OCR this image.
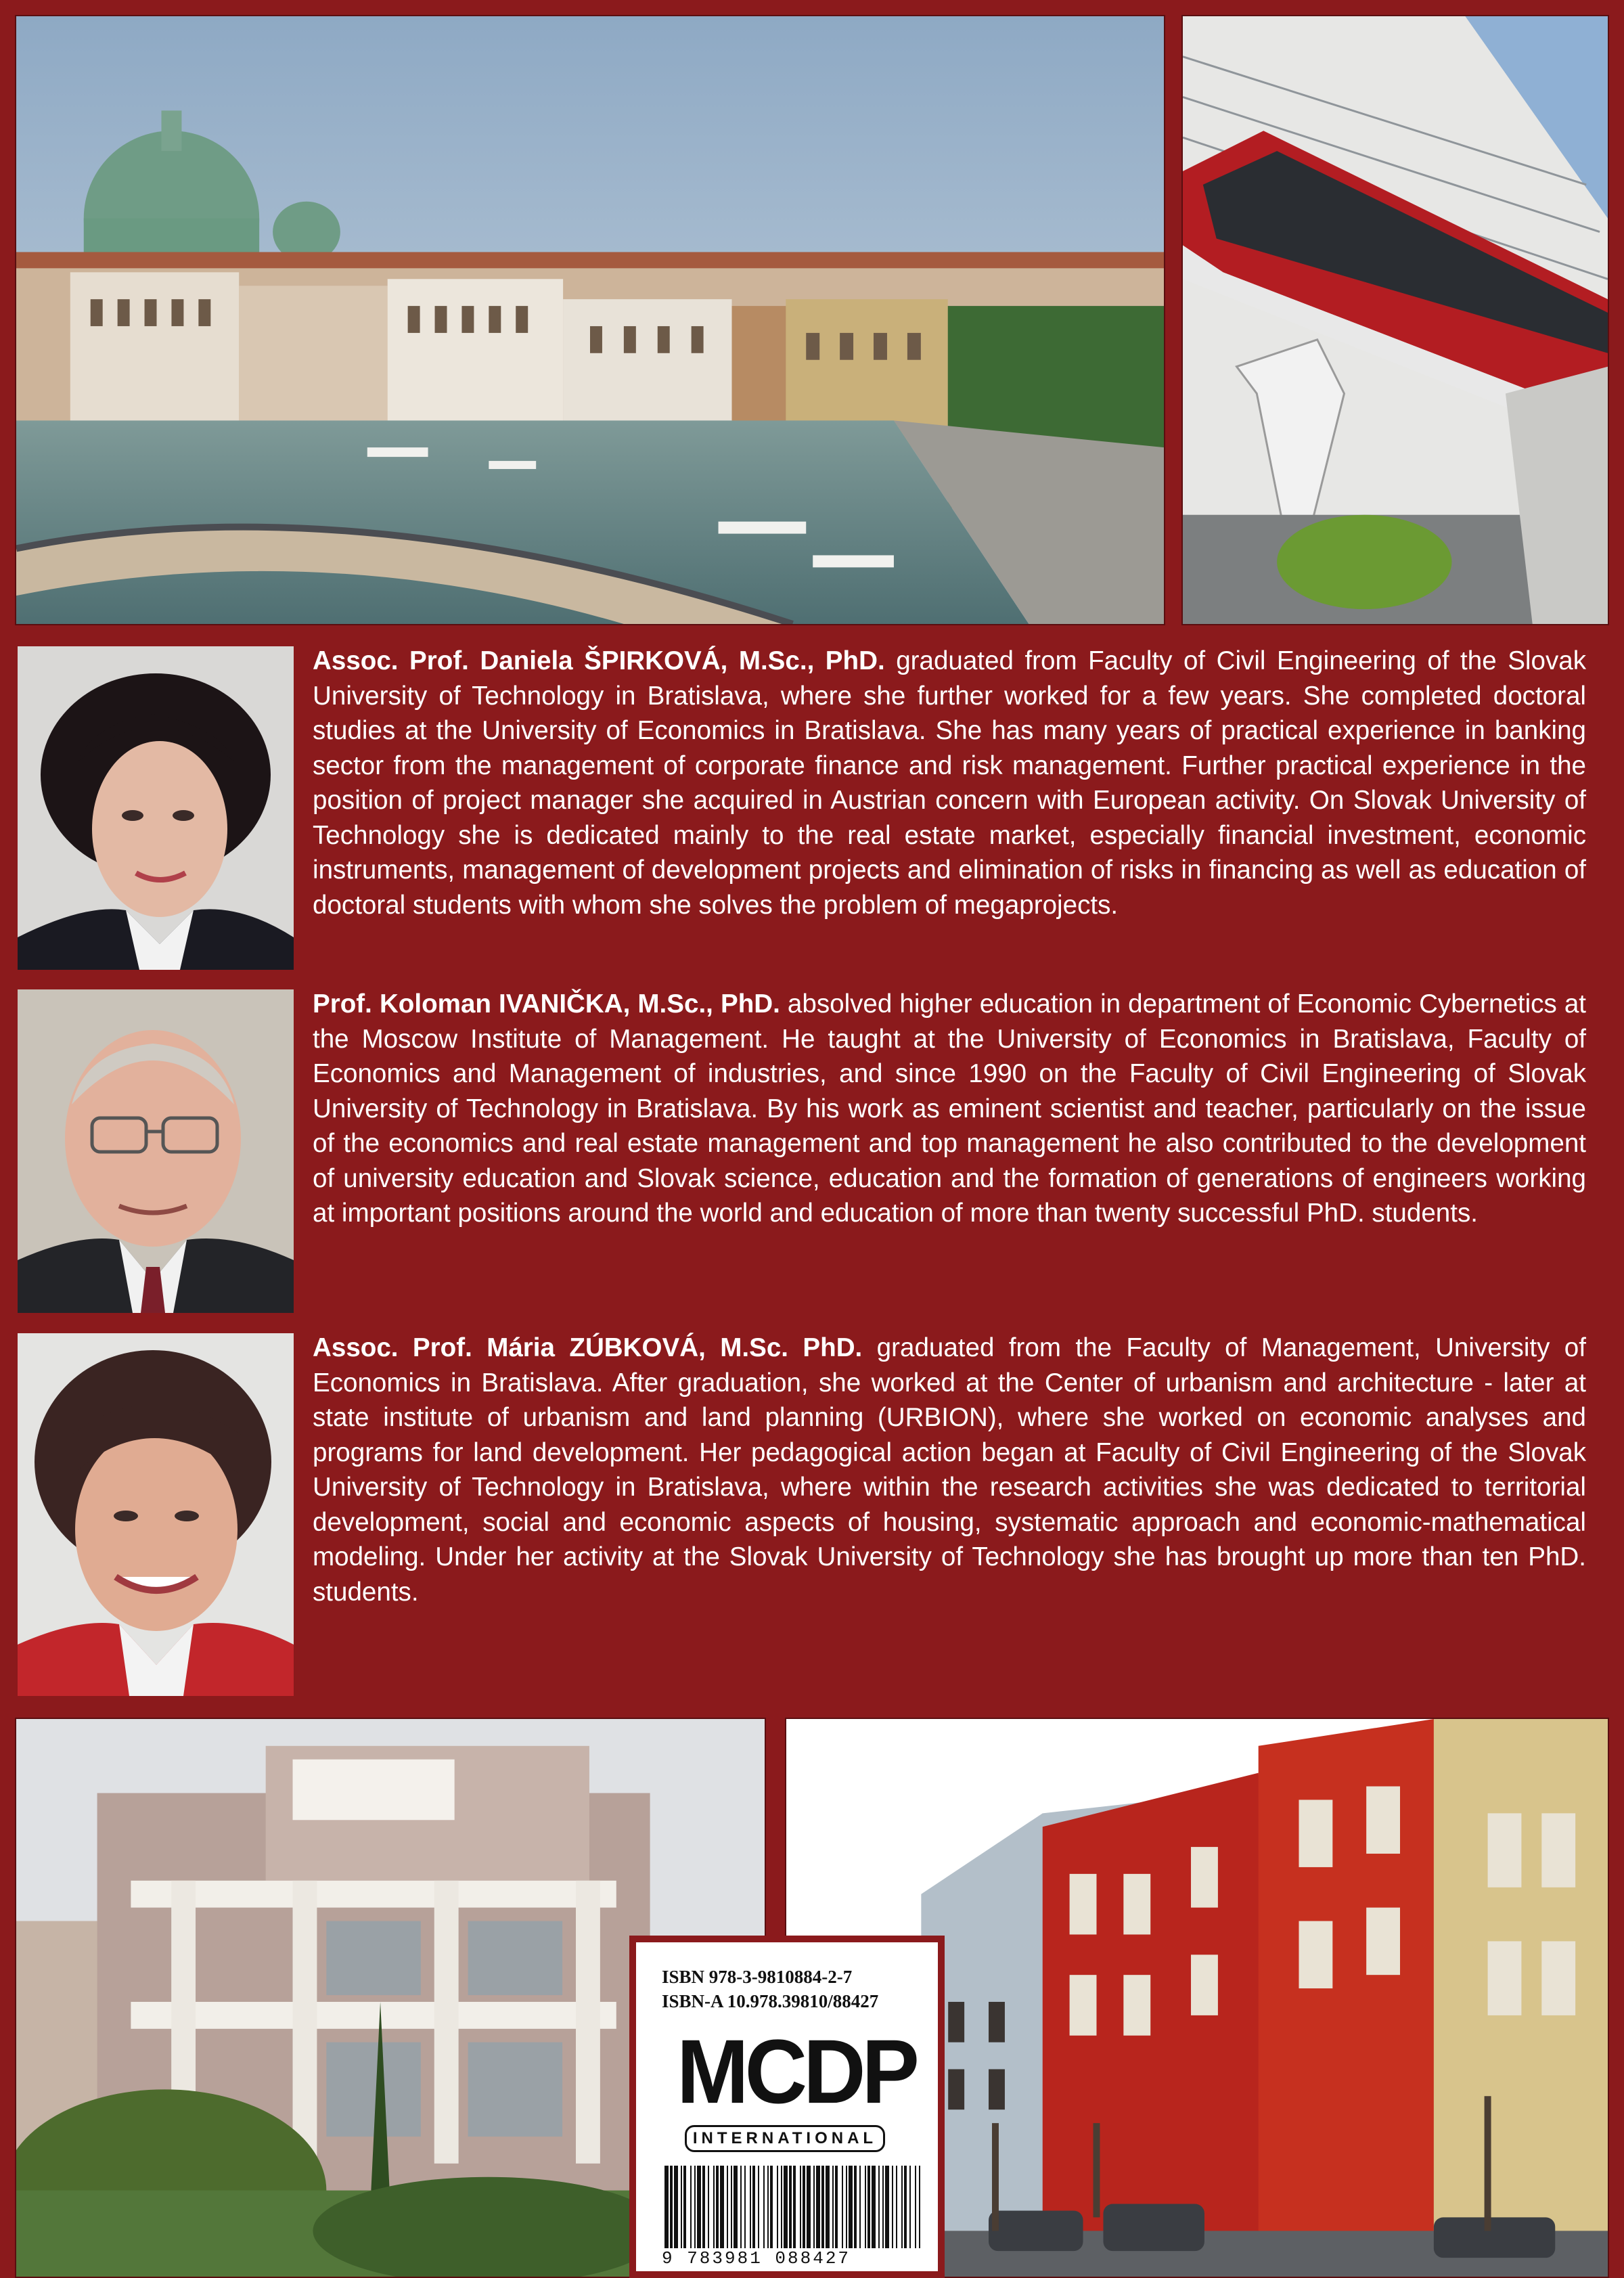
Assoc. Prof. Daniela ŠPIRKOVÁ, M.Sc., PhD. graduated from Faculty of Civil Engineering of the Slovak University of Technology in Bratislava, where she further worked for a few years. She completed doctoral studies at the University of Economics in Bratislava. She has many years of practical experience in banking sector from the management of corporate finance and risk management. Further practical experience in the position of project manager she acquired in Austrian concern with European activity. On Slovak University of Technology she is dedicated mainly to the real estate market, especially financial investment, economic instruments, management of development projects and elimination of risks in financing as well as education of doctoral students with whom she solves the problem of megaprojects.

Prof. Koloman IVANIČKA, M.Sc., PhD. absolved higher education in department of Economic Cybernetics at the Moscow Institute of Management. He taught at the University of Economics in Bratislava, Faculty of Economics and Management of industries, and since 1990 on the Faculty of Civil Engineering of Slovak University of Technology in Bratislava. By his work as eminent scientist and teacher, particularly on the issue of the economics and real estate management and top management he also contributed to the development of university education and Slovak science, education and the formation of generations of engineers working at important positions around the world and education of more than twenty successful PhD. students.

Assoc. Prof. Mária ZÚBKOVÁ, M.Sc. PhD. graduated from the Faculty of Management, University of Economics in Bratislava. After graduation, she worked at the Center of urbanism and architecture - later at state institute of urbanism and land planning (URBION), where she worked on economic analyses and programs for land development. Her pedagogical action began at Faculty of Civil Engineering of the Slovak University of Technology in Bratislava, where within the research activities she was dedicated to territorial development, social and economic aspects of housing, systematic approach and economic-mathematical modeling. Under her activity at the Slovak University of Technology she has brought up more than ten PhD. students.

ISBN 978-3-9810884-2-7
ISBN-A 10.978.39810/88427
MCDP
INTERNATIONAL
9 783981 088427
